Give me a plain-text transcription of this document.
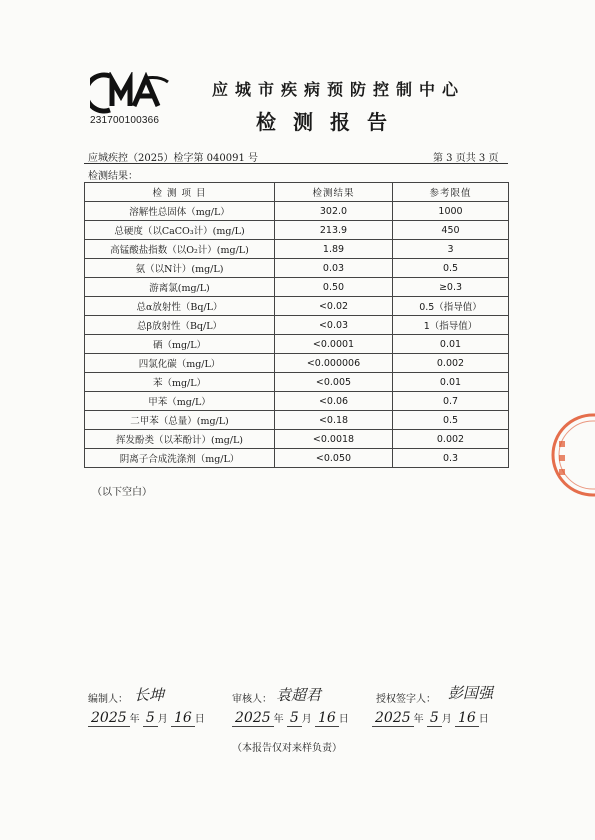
231700100366
应城市疾病预防控制中心
检测报告
应城疾控（2025）检字第 040091 号	第 3 页共 3 页
检测结果：
检 测 项 目	检测结果	参考限值
溶解性总固体（mg/L）	302.0	1000
总硬度（以CaCO₃计）(mg/L)	213.9	450
高锰酸盐指数（以O₂计）(mg/L)	1.89	3
氨（以N计）(mg/L)	0.03	0.5
游离氯(mg/L)	0.50	≥0.3
总α放射性（Bq/L）	<0.02	0.5（指导值）
总β放射性（Bq/L）	<0.03	1（指导值）
硒（mg/L）	<0.0001	0.01
四氯化碳（mg/L）	<0.000006	0.002
苯（mg/L）	<0.005	0.01
甲苯（mg/L）	<0.06	0.7
二甲苯（总量）(mg/L)	<0.18	0.5
挥发酚类（以苯酚计）(mg/L)	<0.0018	0.002
阴离子合成洗涤剂（mg/L）	<0.050	0.3
（以下空白）
编制人： 长坤	审核人： 袁超君	授权签字人： 彭国强
2025 年 5 月 16 日 2025 年 5 月 16 日 2025 年 5 月 16 日
（本报告仅对来样负责）
